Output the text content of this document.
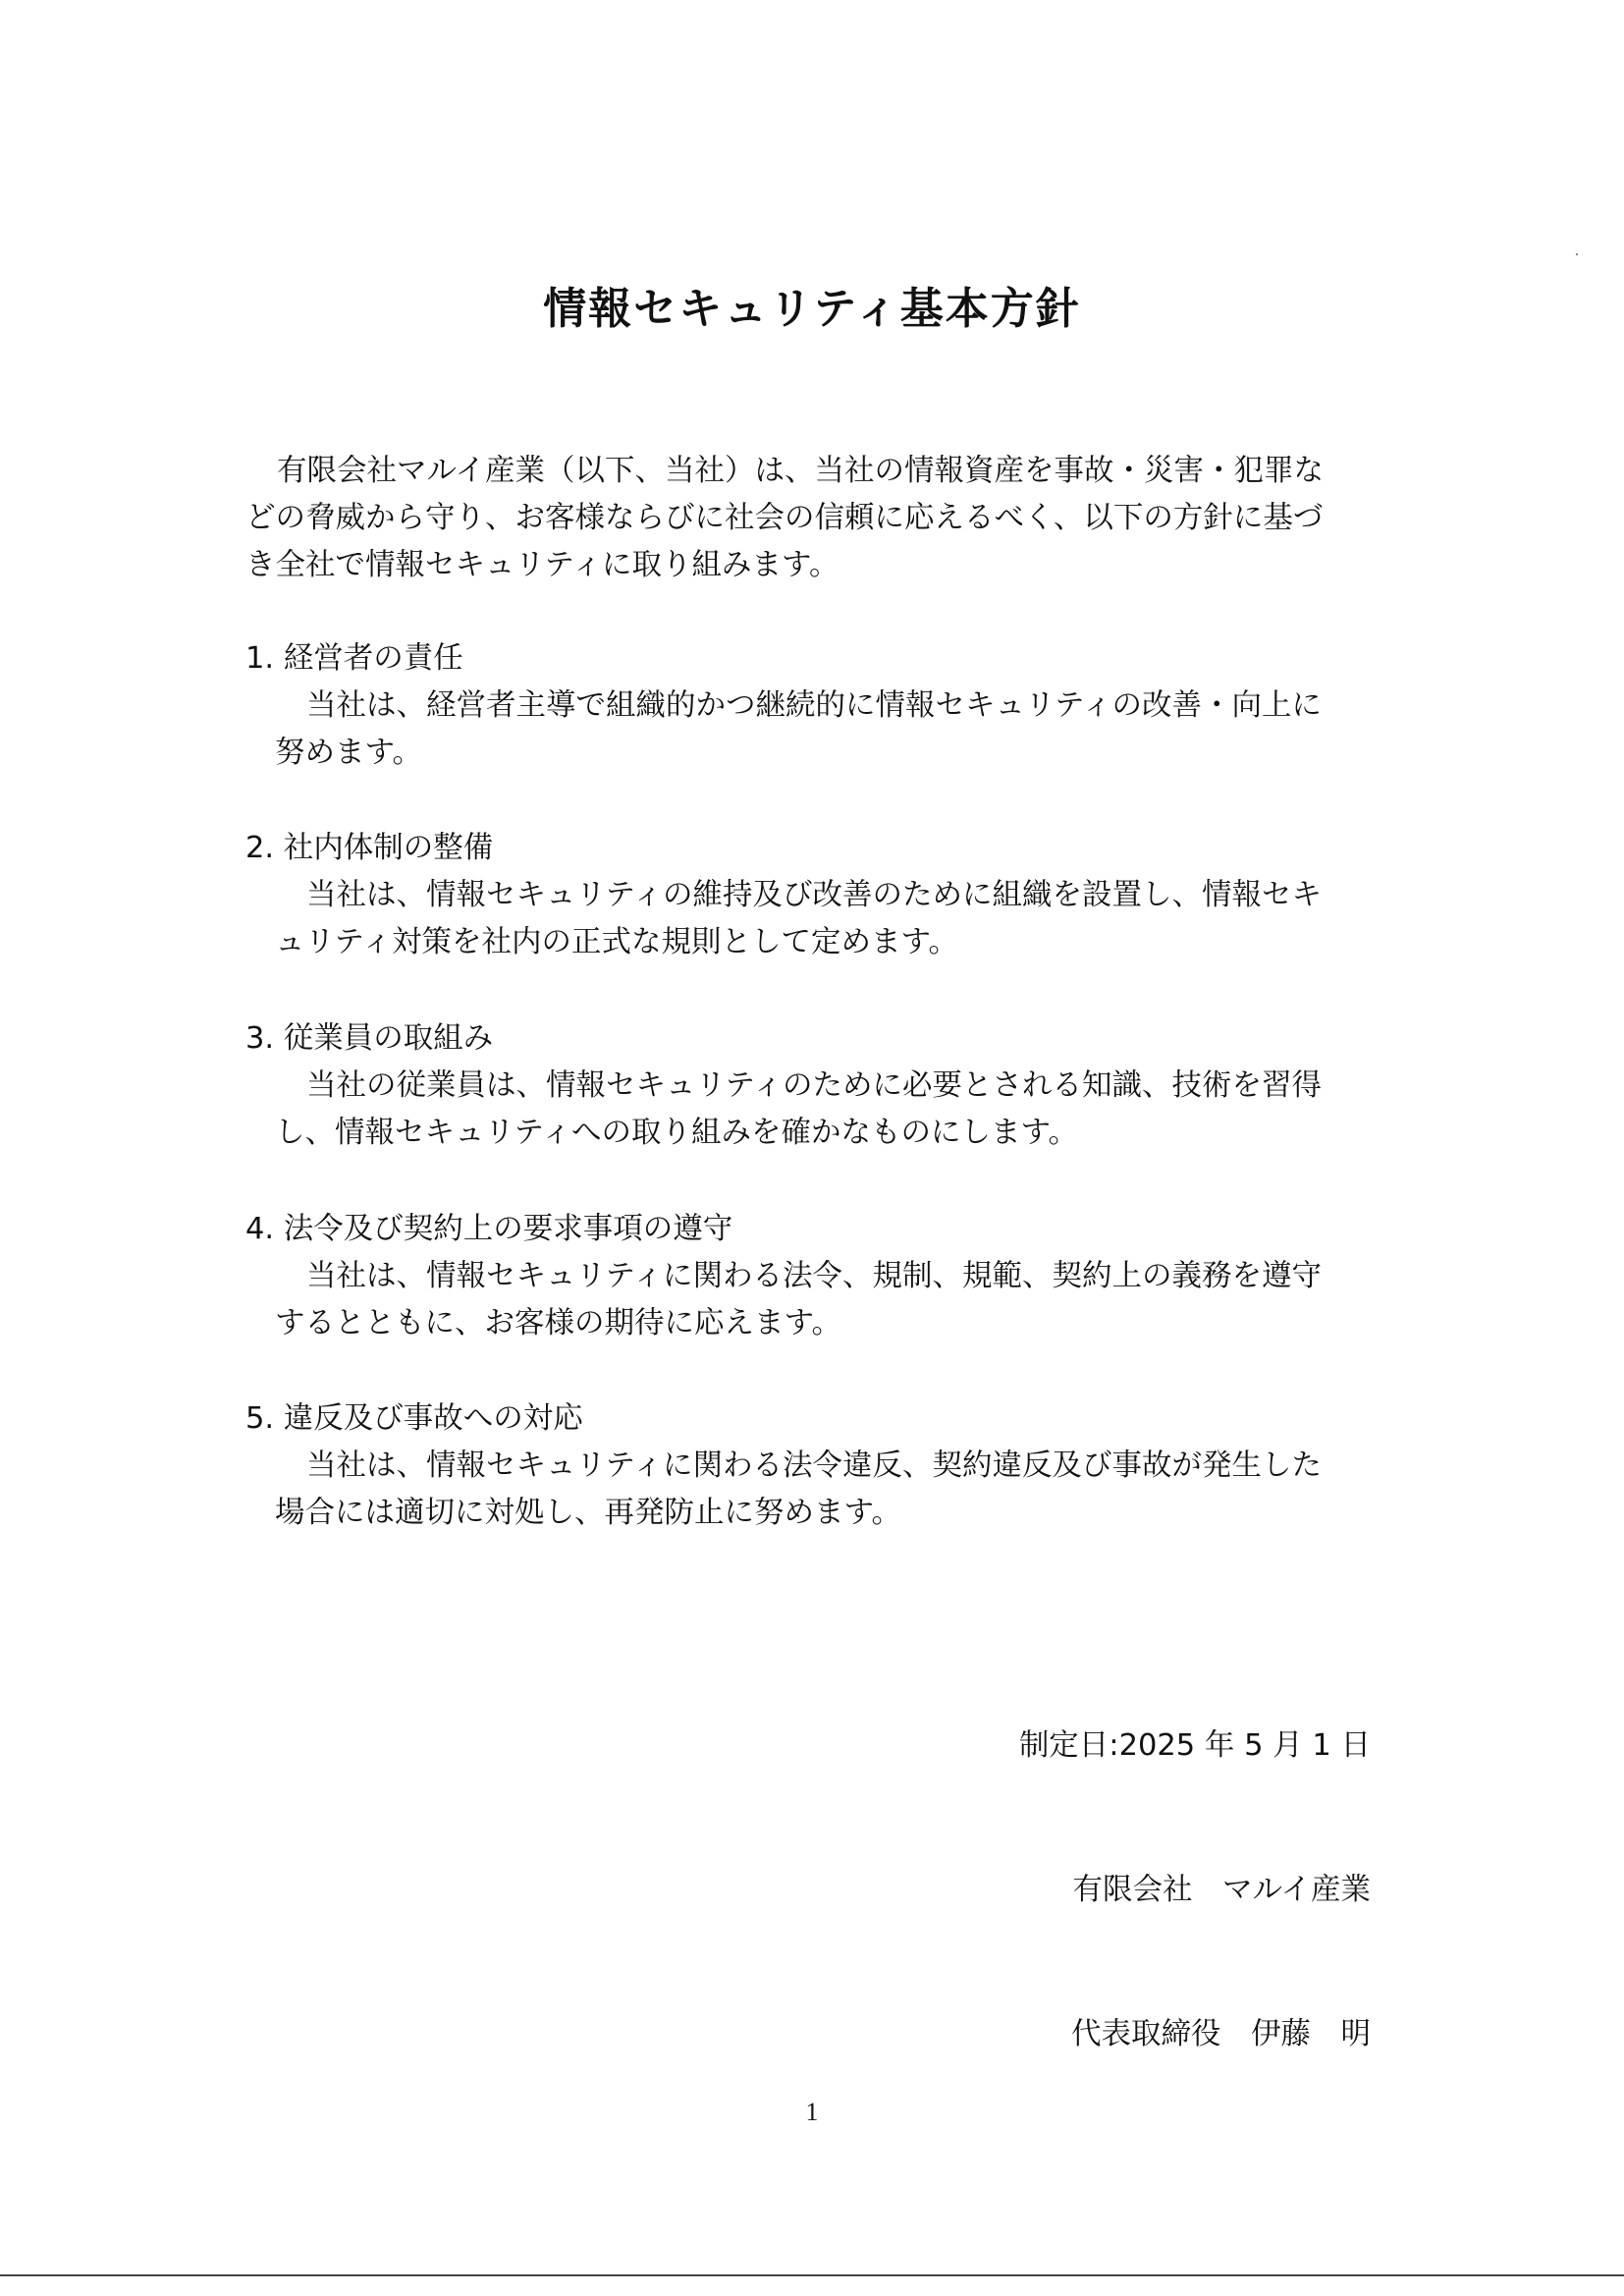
情報セキュリティ基本方針
有限会社マルイ産業（以下、当社）は、当社の情報資産を事故・災害・犯罪な
どの脅威から守り、お客様ならびに社会の信頼に応えるべく、以下の方針に基づ
き全社で情報セキュリティに取り組みます。
1. 経営者の責任
当社は、経営者主導で組織的かつ継続的に情報セキュリティの改善・向上に
努めます。
2. 社内体制の整備
当社は、情報セキュリティの維持及び改善のために組織を設置し、情報セキ
ュリティ対策を社内の正式な規則として定めます。
3. 従業員の取組み
当社の従業員は、情報セキュリティのために必要とされる知識、技術を習得
し、情報セキュリティへの取り組みを確かなものにします。
4. 法令及び契約上の要求事項の遵守
当社は、情報セキュリティに関わる法令、規制、規範、契約上の義務を遵守
するとともに、お客様の期待に応えます。
5. 違反及び事故への対応
当社は、情報セキュリティに関わる法令違反、契約違反及び事故が発生した
場合には適切に対処し、再発防止に努めます。

制定日:2025 年 5 月 1 日

有限会社　マルイ産業

代表取締役　伊藤　明

1
